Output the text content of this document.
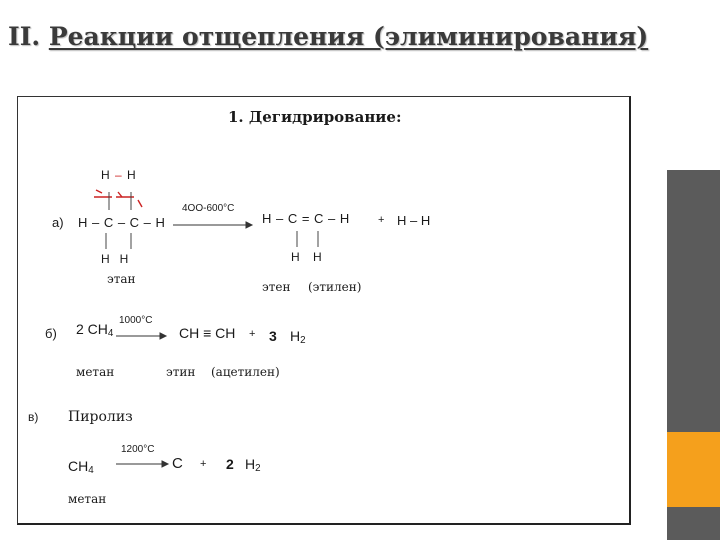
II. Реакции отщепления (элиминирования)
1. Дегидрирование:
H – H
а) H – C – C – H
H   H
4OO-600°C
этан
H – C = C – H
H    H
+ H – H
этен (этилен)
б) 2 $CH_4$
1000°C
CH ≡ CH + 3 $H_2$
метан	этин (ацетилен)
в) Пиролиз
$CH_4$
1200°C
C + 2 $H_2$
метан
